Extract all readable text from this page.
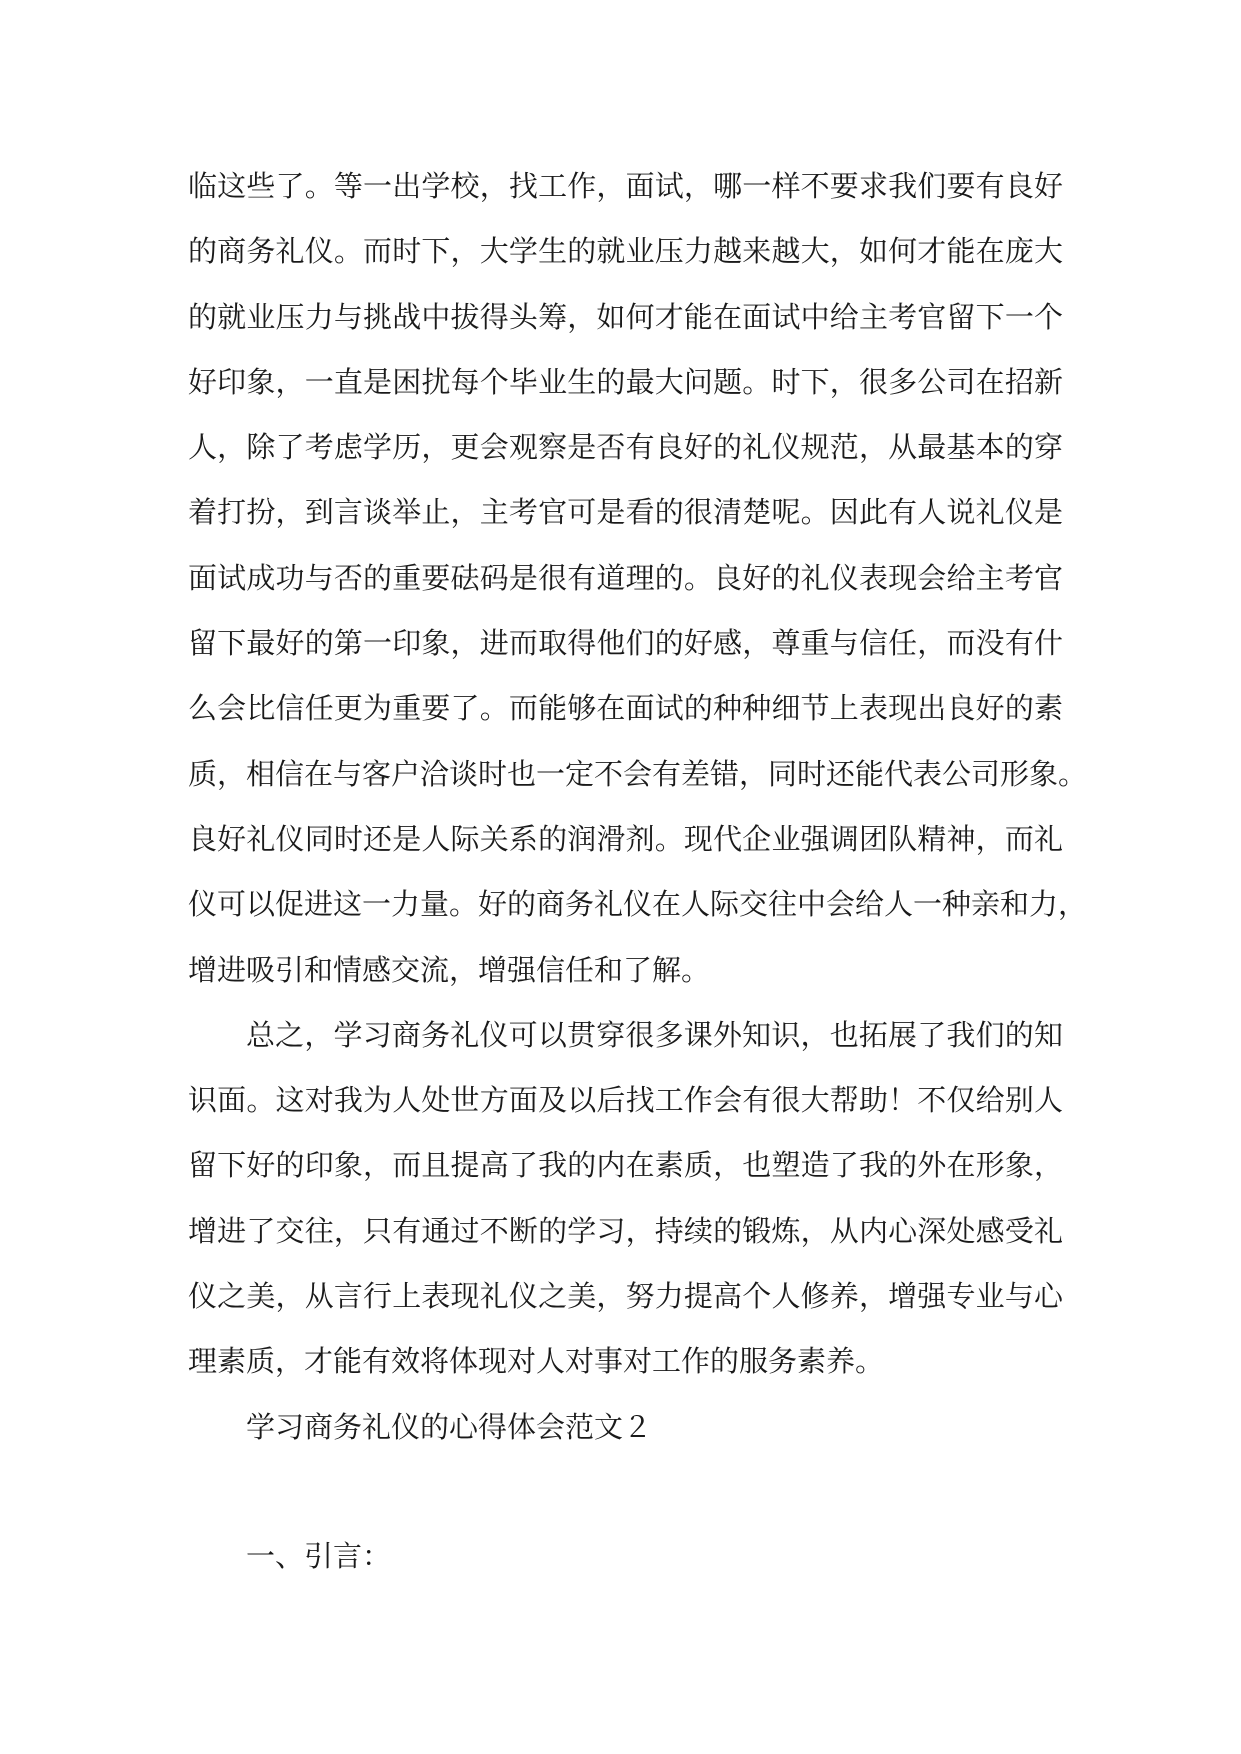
临这些了。等一出学校，找工作，面试，哪一样不要求我们要有良好
的商务礼仪。而时下，大学生的就业压力越来越大，如何才能在庞大
的就业压力与挑战中拔得头筹，如何才能在面试中给主考官留下一个
好印象，一直是困扰每个毕业生的最大问题。时下，很多公司在招新
人，除了考虑学历，更会观察是否有良好的礼仪规范，从最基本的穿
着打扮，到言谈举止，主考官可是看的很清楚呢。因此有人说礼仪是
面试成功与否的重要砝码是很有道理的。良好的礼仪表现会给主考官
留下最好的第一印象，进而取得他们的好感，尊重与信任，而没有什
么会比信任更为重要了。而能够在面试的种种细节上表现出良好的素
质，相信在与客户洽谈时也一定不会有差错，同时还能代表公司形象。
良好礼仪同时还是人际关系的润滑剂。现代企业强调团队精神，而礼
仪可以促进这一力量。好的商务礼仪在人际交往中会给人一种亲和力，
增进吸引和情感交流，增强信任和了解。
总之，学习商务礼仪可以贯穿很多课外知识，也拓展了我们的知
识面。这对我为人处世方面及以后找工作会有很大帮助！不仅给别人
留下好的印象，而且提高了我的内在素质，也塑造了我的外在形象，
增进了交往，只有通过不断的学习，持续的锻炼，从内心深处感受礼
仪之美，从言行上表现礼仪之美，努力提高个人修养，增强专业与心
理素质，才能有效将体现对人对事对工作的服务素养。
学习商务礼仪的心得体会范文２
一、引言：
